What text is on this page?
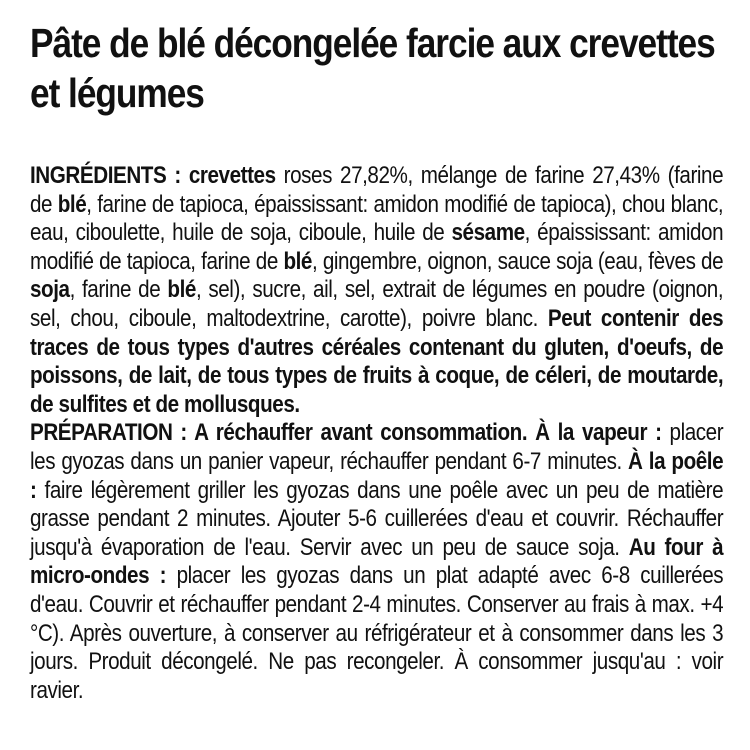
Pâte de blé décongelée farcie aux crevettes et légumes

INGRÉDIENTS : crevettes roses 27,82%, mélange de farine 27,43% (farine de blé, farine de tapioca, épaississant: amidon modifié de tapioca), chou blanc, eau, ciboulette, huile de soja, ciboule, huile de sésame, épaississant: amidon modifié de tapioca, farine de blé, gingembre, oignon, sauce soja (eau, fèves de soja, farine de blé, sel), sucre, ail, sel, extrait de légumes en poudre (oignon, sel, chou, ciboule, maltodextrine, carotte), poivre blanc. Peut contenir des traces de tous types d'autres céréales contenant du gluten, d'oeufs, de poissons, de lait, de tous types de fruits à coque, de céleri, de moutarde, de sulfites et de mollusques.

PRÉPARATION : A réchauffer avant consommation. À la vapeur : placer les gyozas dans un panier vapeur, réchauffer pendant 6-7 minutes. À la poêle : faire légèrement griller les gyozas dans une poêle avec un peu de matière grasse pendant 2 minutes. Ajouter 5-6 cuillerées d'eau et couvrir. Réchauffer jusqu'à évaporation de l'eau. Servir avec un peu de sauce soja. Au four à micro-ondes : placer les gyozas dans un plat adapté avec 6-8 cuillerées d'eau. Couvrir et réchauffer pendant 2-4 minutes. Conserver au frais à max. +4 °C). Après ouverture, à conserver au réfrigérateur et à consommer dans les 3 jours. Produit décongelé. Ne pas recongeler. À consommer jusqu'au : voir ravier.
